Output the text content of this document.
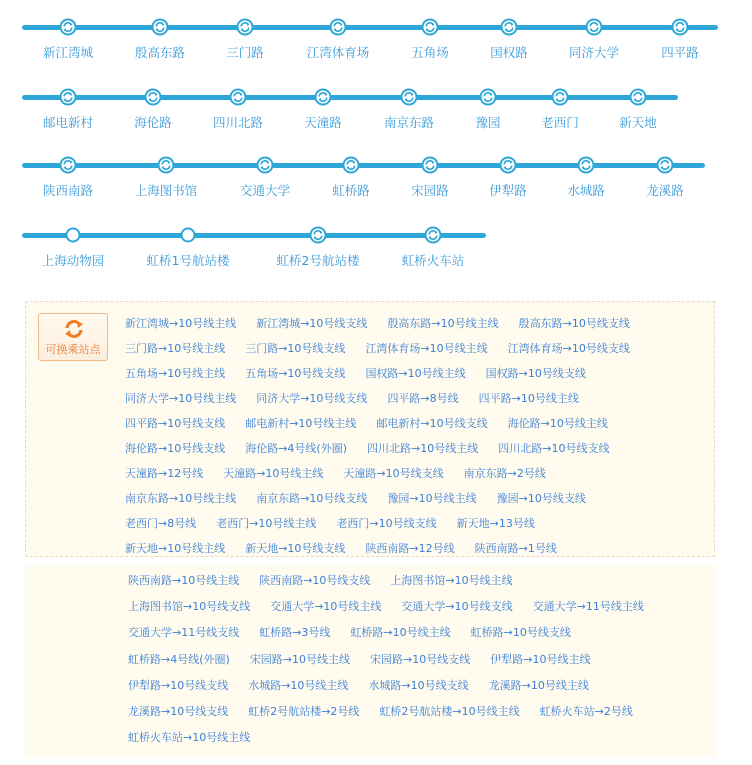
新江湾城	殷高东路	三门路	江湾体育场	五角场	国权路	同济大学	四平路
邮电新村	海伦路	四川北路	天潼路	南京东路	豫园	老西门	新天地
陕西南路	上海图书馆	交通大学	虹桥路	宋园路	伊犁路	水城路	龙溪路
上海动物园	虹桥1号航站楼	虹桥2号航站楼	虹桥火车站
可换乘站点
新江湾城→10号线主线 新江湾城→10号线支线 殷高东路→10号线主线 殷高东路→10号线支线
三门路→10号线主线 三门路→10号线支线 江湾体育场→10号线主线 江湾体育场→10号线支线
五角场→10号线主线 五角场→10号线支线 国权路→10号线主线 国权路→10号线支线
同济大学→10号线主线 同济大学→10号线支线 四平路→8号线 四平路→10号线主线
四平路→10号线支线 邮电新村→10号线主线 邮电新村→10号线支线 海伦路→10号线主线
海伦路→10号线支线 海伦路→4号线(外圈) 四川北路→10号线主线 四川北路→10号线支线
天潼路→12号线 天潼路→10号线主线 天潼路→10号线支线 南京东路→2号线
南京东路→10号线主线 南京东路→10号线支线 豫园→10号线主线 豫园→10号线支线
老西门→8号线 老西门→10号线主线 老西门→10号线支线 新天地→13号线
新天地→10号线主线 新天地→10号线支线 陕西南路→12号线 陕西南路→1号线
陕西南路→10号线主线 陕西南路→10号线支线 上海图书馆→10号线主线
上海图书馆→10号线支线 交通大学→10号线主线 交通大学→10号线支线 交通大学→11号线主线
交通大学→11号线支线 虹桥路→3号线 虹桥路→10号线主线 虹桥路→10号线支线
虹桥路→4号线(外圈) 宋园路→10号线主线 宋园路→10号线支线 伊犁路→10号线主线
伊犁路→10号线支线 水城路→10号线主线 水城路→10号线支线 龙溪路→10号线主线
龙溪路→10号线支线 虹桥2号航站楼→2号线 虹桥2号航站楼→10号线主线 虹桥火车站→2号线
虹桥火车站→10号线主线
